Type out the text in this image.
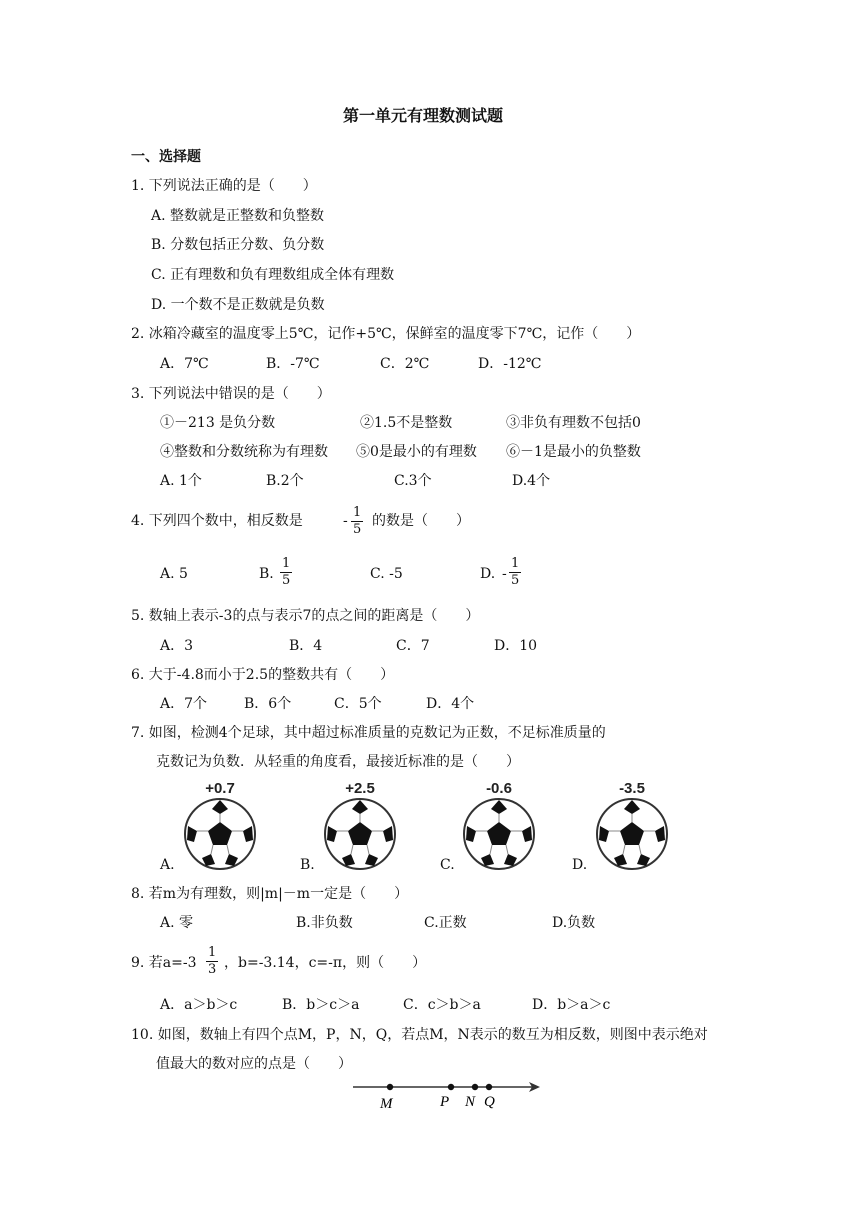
第一单元有理数测试题
一、选择题
1. 下列说法正确的是（　　）
A. 整数就是正整数和负整数
B. 分数包括正分数、负分数
C. 正有理数和负有理数组成全体有理数
D. 一个数不是正数就是负数
2. 冰箱冷藏室的温度零上5℃，记作+5℃，保鲜室的温度零下7℃，记作（　　）
A．7℃	B．-7℃	C．2℃	D．-12℃
3. 下列说法中错误的是（　　）
①－213 是负分数	②1.5不是整数	③非负有理数不包括0
④整数和分数统称为有理数 ⑤0是最小的有理数 ⑥－1是最小的负整数
A. 1个	B.2个	C.3个	D.4个
4. 下列四个数中，相反数是	- $\frac{1}{5}$ 的数是（　　）
A. 5	B. $\frac{1}{5}$	C. -5	D. - $\frac{1}{5}$
5. 数轴上表示-3的点与表示7的点之间的距离是（　　）
A．3	B．4	C．7	D．10
6. 大于-4.8而小于2.5的整数共有（　　）
A．7个	B．6个	C．5个	D．4个
7. 如图，检测4个足球，其中超过标准质量的克数记为正数，不足标准质量的
克数记为负数．从轻重的角度看，最接近标准的是（　　）
A.
+0.7
B.
+2.5
C.
-0.6
D.
-3.5
8. 若m为有理数，则|m|－m一定是（　　）
A. 零	B.非负数	C.正数	D.负数
9. 若$a=-3 \frac{1}{3}$ ，b=-3.14，c=-π，则（　　）
A．a＞b＞c	B．b＞c＞a	C．c＞b＞a	D．b＞a＞c
10. 如图，数轴上有四个点M，P，N，Q，若点M，N表示的数互为相反数，则图中表示绝对
值最大的数对应的点是（　　）
M	P N Q
